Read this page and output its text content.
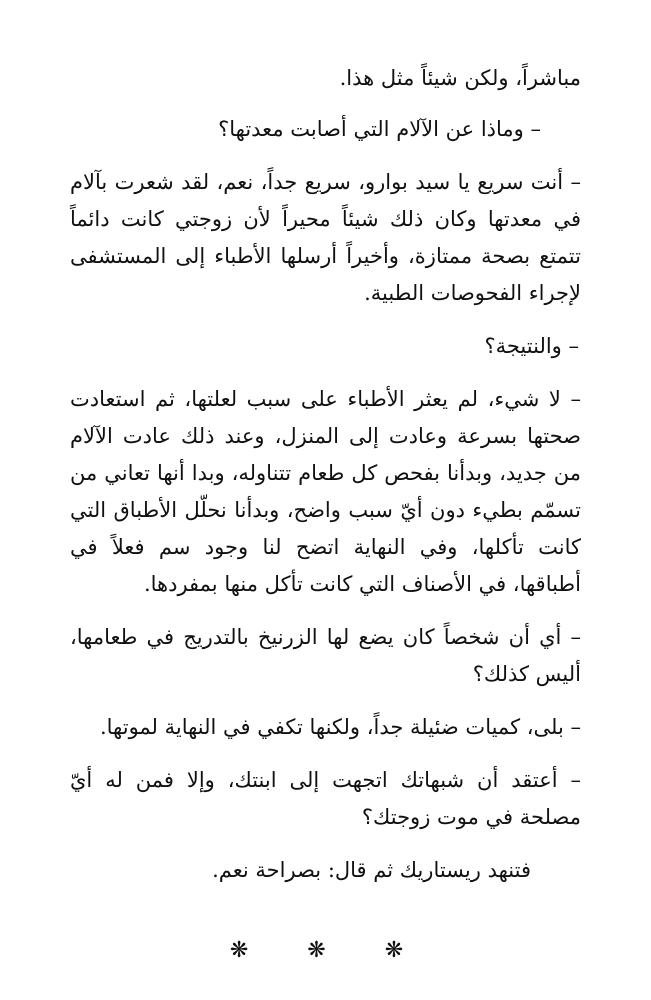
مباشراً، ولكن شيئاً مثل هذا.

– وماذا عن الآلام التي أصابت معدتها؟

– أنت سريع يا سيد بوارو، سريع جداً، نعم، لقد شعرت بآلام في معدتها وكان ذلك شيئاً محيراً لأن زوجتي كانت دائماً تتمتع بصحة ممتازة، وأخيراً أرسلها الأطباء إلى المستشفى لإجراء الفحوصات الطبية.

– والنتيجة؟

– لا شيء، لم يعثر الأطباء على سبب لعلتها، ثم استعادت صحتها بسرعة وعادت إلى المنزل، وعند ذلك عادت الآلام من جديد، وبدأنا بفحص كل طعام تتناوله، وبدا أنها تعاني من تسمّم بطيء دون أيّ سبب واضح، وبدأنا نحلّل الأطباق التي كانت تأكلها، وفي النهاية اتضح لنا وجود سم فعلاً في أطباقها، في الأصناف التي كانت تأكل منها بمفردها.

– أي أن شخصاً كان يضع لها الزرنيخ بالتدريج في طعامها، أليس كذلك؟

– بلى، كميات ضئيلة جداً، ولكنها تكفي في النهاية لموتها.

– أعتقد أن شبهاتك اتجهت إلى ابنتك، وإلا فمن له أيّ مصلحة في موت زوجتك؟

فتنهد ريستاريك ثم قال: بصراحة نعم.

❋ ❋ ❋
